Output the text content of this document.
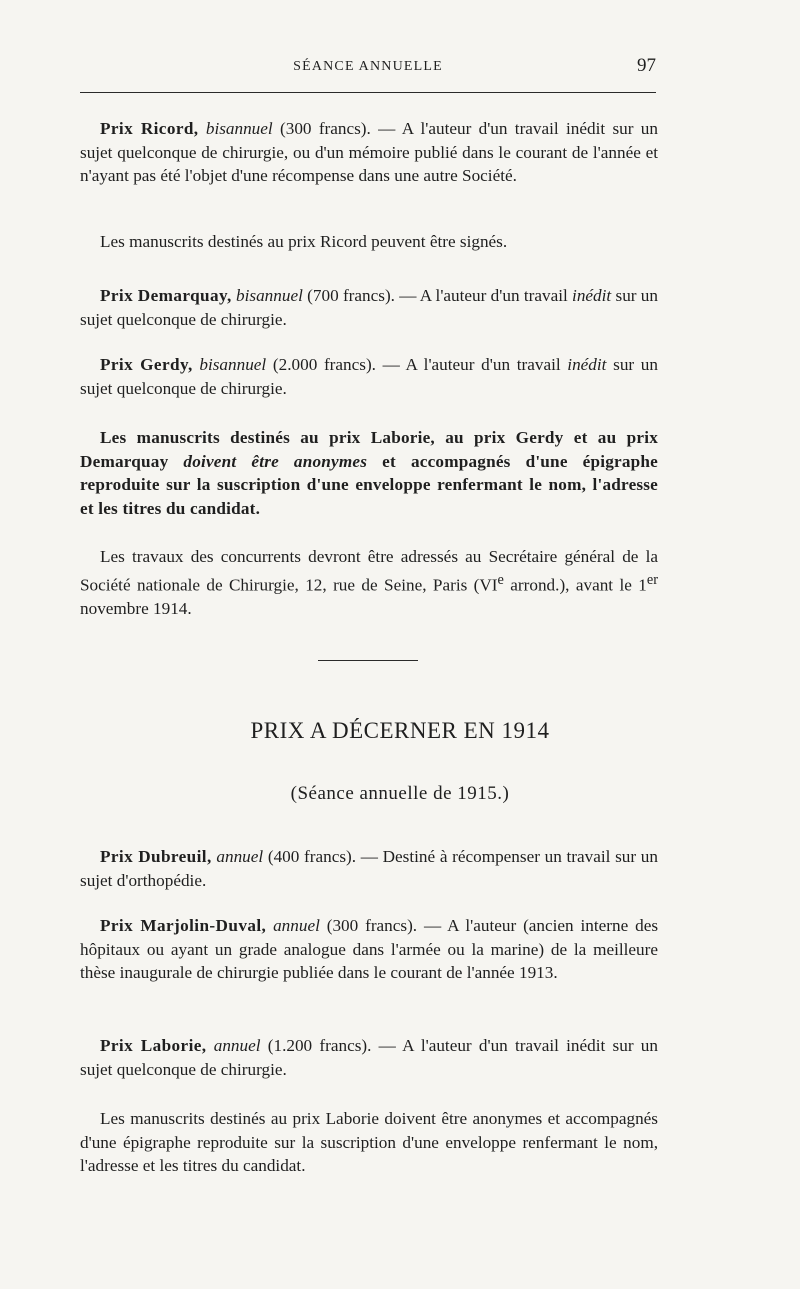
SÉANCE ANNUELLE	97

Prix Ricord, bisannuel (300 francs). — A l'auteur d'un travail inédit sur un sujet quelconque de chirurgie, ou d'un mémoire publié dans le courant de l'année et n'ayant pas été l'objet d'une récompense dans une autre Société.

Les manuscrits destinés au prix Ricord peuvent être signés.

Prix Demarquay, bisannuel (700 francs). — A l'auteur d'un travail inédit sur un sujet quelconque de chirurgie.

Prix Gerdy, bisannuel (2.000 francs). — A l'auteur d'un travail inédit sur un sujet quelconque de chirurgie.

Les manuscrits destinés au prix Laborie, au prix Gerdy et au prix Demarquay doivent être anonymes et accompagnés d'une épigraphe reproduite sur la suscription d'une enveloppe renfermant le nom, l'adresse et les titres du candidat.

Les travaux des concurrents devront être adressés au Secrétaire général de la Société nationale de Chirurgie, 12, rue de Seine, Paris (VIe arrond.), avant le 1er novembre 1914.

PRIX A DÉCERNER EN 1914
(Séance annuelle de 1915.)

Prix Dubreuil, annuel (400 francs). — Destiné à récompenser un travail sur un sujet d'orthopédie.

Prix Marjolin-Duval, annuel (300 francs). — A l'auteur (ancien interne des hôpitaux ou ayant un grade analogue dans l'armée ou la marine) de la meilleure thèse inaugurale de chirurgie publiée dans le courant de l'année 1913.

Prix Laborie, annuel (1.200 francs). — A l'auteur d'un travail inédit sur un sujet quelconque de chirurgie.

Les manuscrits destinés au prix Laborie doivent être anonymes et accompagnés d'une épigraphe reproduite sur la suscription d'une enveloppe renfermant le nom, l'adresse et les titres du candidat.
